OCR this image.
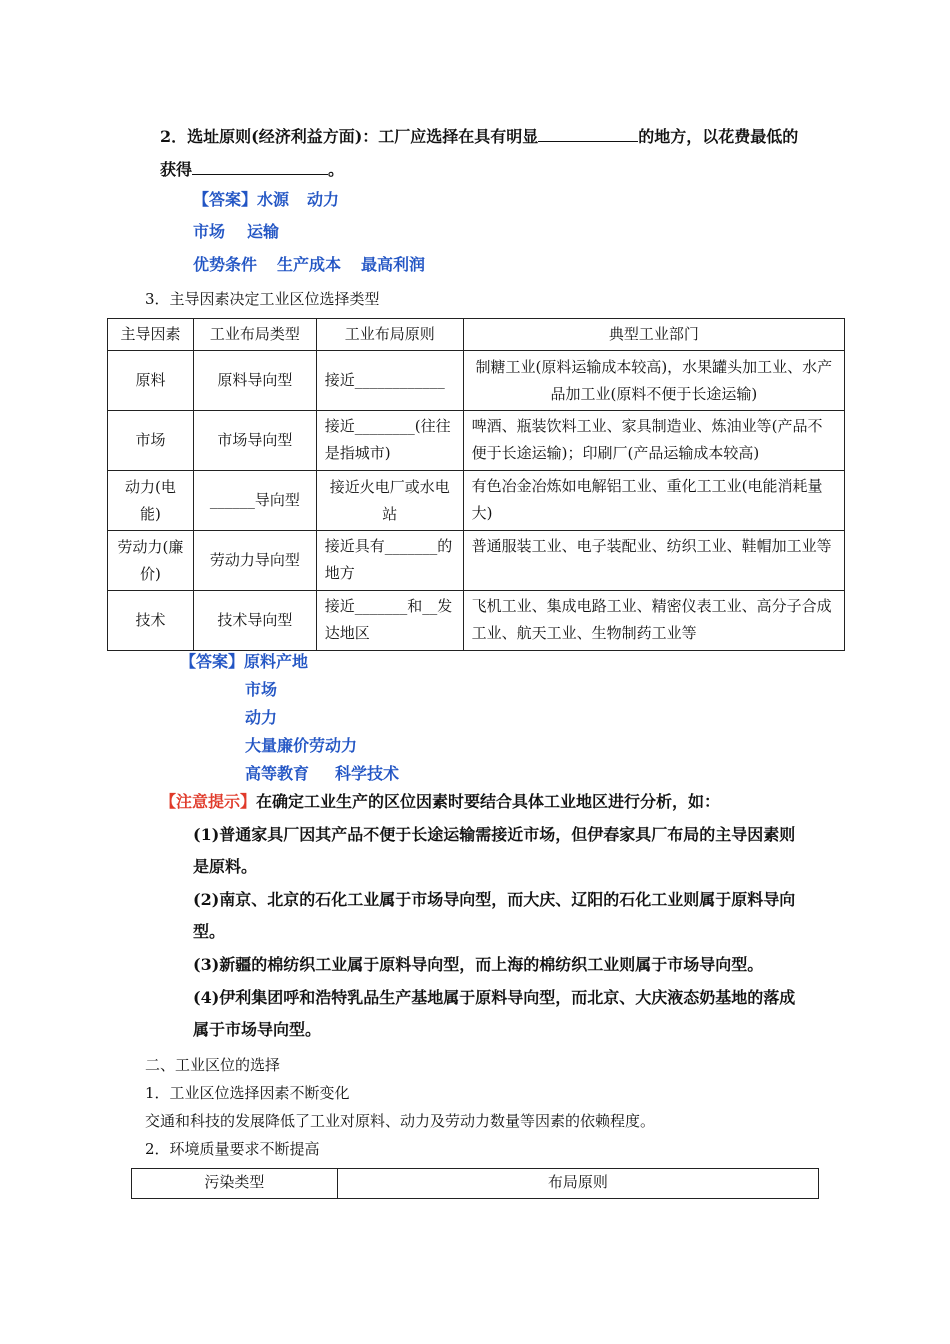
2．选址原则(经济利益方面)：工厂应选择在具有明显	的地方，以花费最低的
获得	。
【答案】水源 动力
市场 运输
优势条件 生产成本 最高利润
3．主导因素决定工业区位选择类型
主导因素	工业布局类型	工业布局原则	典型工业部门
原料	原料导向型	接近____________	制糖工业(原料运输成本较高)，水果罐头加工业、水产品加工业(原料不便于长途运输)
市场	市场导向型	接近________(往往是指城市)	啤酒、瓶装饮料工业、家具制造业、炼油业等(产品不便于长途运输)；印刷厂(产品运输成本较高)
动力(电能)	______导向型	接近火电厂或水电站	有色冶金冶炼如电解铝工业、重化工工业(电能消耗量大)
劳动力(廉价)	劳动力导向型	接近具有_______的地方	普通服装工业、电子装配业、纺织工业、鞋帽加工业等
技术	技术导向型	接近_______和__发达地区	飞机工业、集成电路工业、精密仪表工业、高分子合成工业、航天工业、生物制药工业等
【答案】原料产地
市场
动力
大量廉价劳动力
高等教育 科学技术
【注意提示】在确定工业生产的区位因素时要结合具体工业地区进行分析，如：
(1)普通家具厂因其产品不便于长途运输需接近市场，但伊春家具厂布局的主导因素则
是原料。
(2)南京、北京的石化工业属于市场导向型，而大庆、辽阳的石化工业则属于原料导向
型。
(3)新疆的棉纺织工业属于原料导向型，而上海的棉纺织工业则属于市场导向型。
(4)伊利集团呼和浩特乳品生产基地属于原料导向型，而北京、大庆液态奶基地的落成
属于市场导向型。
二、工业区位的选择
1．工业区位选择因素不断变化
交通和科技的发展降低了工业对原料、动力及劳动力数量等因素的依赖程度。
2．环境质量要求不断提高
污染类型	布局原则
